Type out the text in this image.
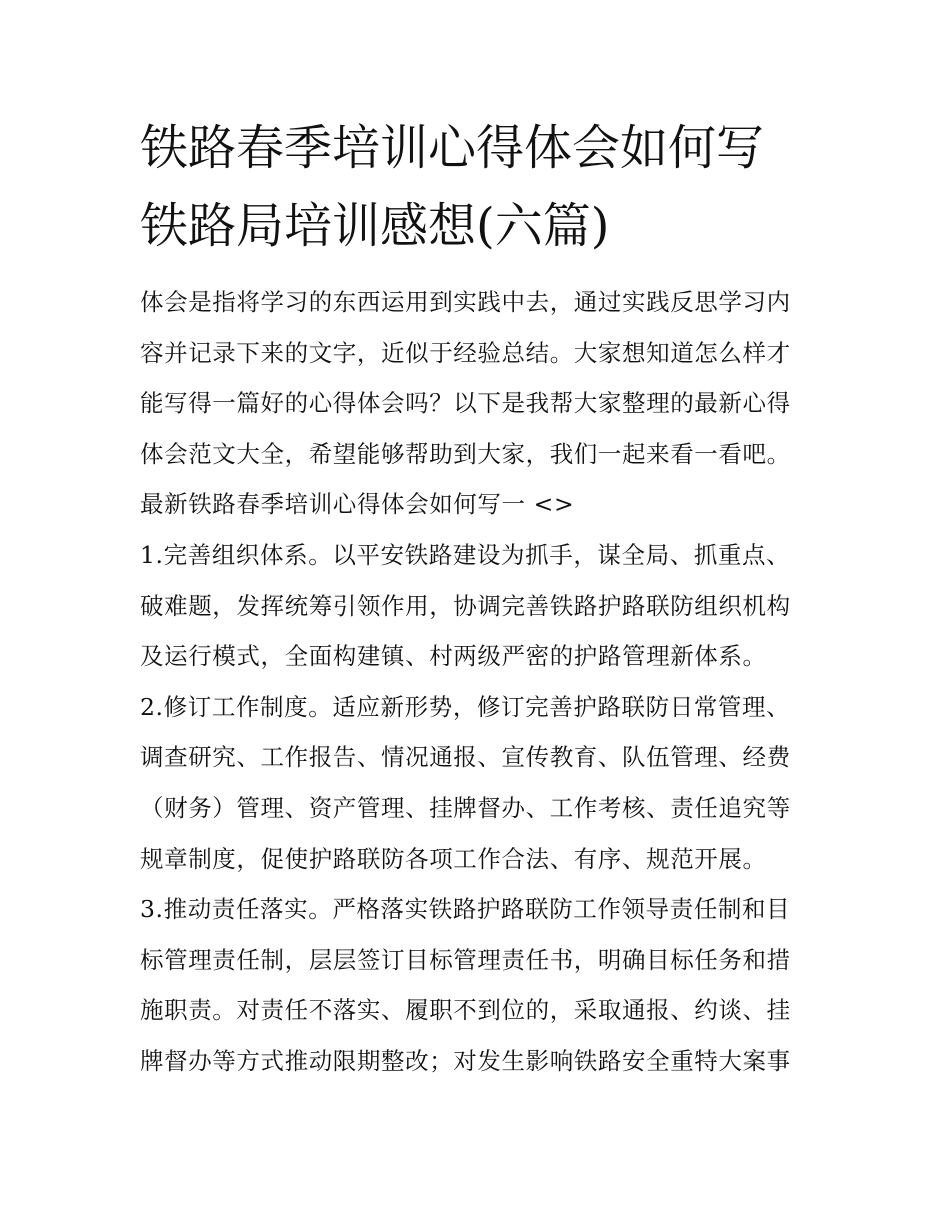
铁路春季培训心得体会如何写
铁路局培训感想(六篇)
体会是指将学习的东西运用到实践中去，通过实践反思学习内
容并记录下来的文字，近似于经验总结。大家想知道怎么样才
能写得一篇好的心得体会吗？以下是我帮大家整理的最新心得
体会范文大全，希望能够帮助到大家，我们一起来看一看吧。
最新铁路春季培训心得体会如何写一 <>
1.完善组织体系。以平安铁路建设为抓手，谋全局、抓重点、
破难题，发挥统筹引领作用，协调完善铁路护路联防组织机构
及运行模式，全面构建镇、村两级严密的护路管理新体系。
2.修订工作制度。适应新形势，修订完善护路联防日常管理、
调查研究、工作报告、情况通报、宣传教育、队伍管理、经费
（财务）管理、资产管理、挂牌督办、工作考核、责任追究等
规章制度，促使护路联防各项工作合法、有序、规范开展。
3.推动责任落实。严格落实铁路护路联防工作领导责任制和目
标管理责任制，层层签订目标管理责任书，明确目标任务和措
施职责。对责任不落实、履职不到位的，采取通报、约谈、挂
牌督办等方式推动限期整改；对发生影响铁路安全重特大案事
